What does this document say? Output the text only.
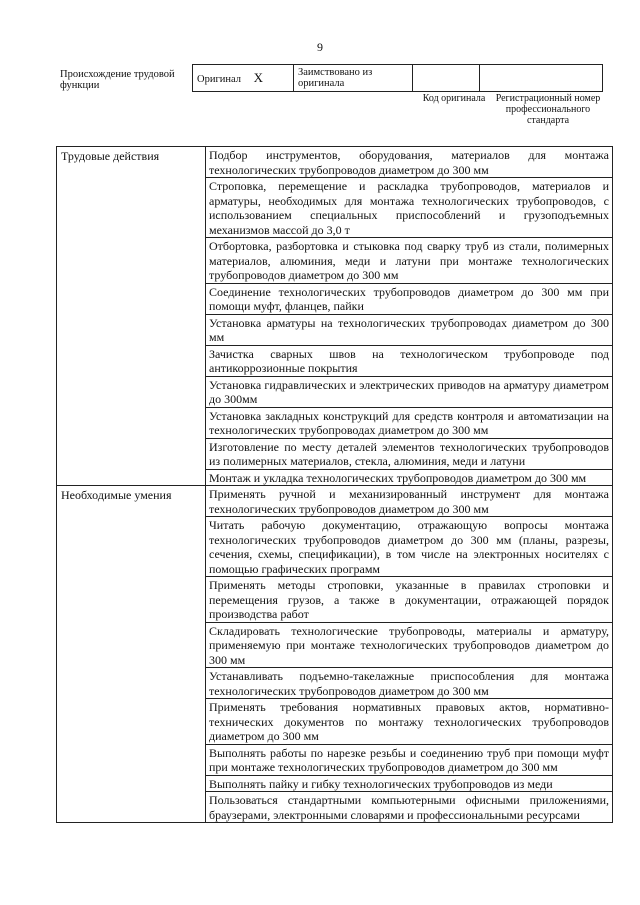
9
Происхождение трудовой функции
Оригинал X	Заимствовано из оригинала		
Код оригинала	Регистрационный номер профессионального стандарта
Трудовые действия	Подбор инструментов, оборудования, материалов для монтажа технологических трубопроводов диаметром до 300 мм
	Строповка, перемещение и раскладка трубопроводов, материалов и арматуры, необходимых для монтажа технологических трубопроводов, с использованием специальных приспособлений и грузоподъемных механизмов массой до 3,0 т
	Отбортовка, разбортовка и стыковка под сварку труб из стали, полимерных материалов, алюминия, меди и латуни при монтаже технологических трубопроводов диаметром до 300 мм
	Соединение технологических трубопроводов диаметром до 300 мм при помощи муфт, фланцев, пайки
	Установка арматуры на технологических трубопроводах диаметром до 300 мм
	Зачистка сварных швов на технологическом трубопроводе под антикоррозионные покрытия
	Установка гидравлических и электрических приводов на арматуру диаметром до 300мм
	Установка закладных конструкций для средств контроля и автоматизации на технологических трубопроводах диаметром до 300 мм
	Изготовление по месту деталей элементов технологических трубопроводов из полимерных материалов, стекла, алюминия, меди и латуни
	Монтаж и укладка технологических трубопроводов диаметром до 300 мм
Необходимые умения	Применять ручной и механизированный инструмент для монтажа технологических трубопроводов диаметром до 300 мм
	Читать рабочую документацию, отражающую вопросы монтажа технологических трубопроводов диаметром до 300 мм (планы, разрезы, сечения, схемы, спецификации), в том числе на электронных носителях с помощью графических программ
	Применять методы строповки, указанные в правилах строповки и перемещения грузов, а также в документации, отражающей порядок производства работ
	Складировать технологические трубопроводы, материалы и арматуру, применяемую при монтаже технологических трубопроводов диаметром до 300 мм
	Устанавливать подъемно-такелажные приспособления для монтажа технологических трубопроводов диаметром до 300 мм
	Применять требования нормативных правовых актов, нормативно-технических документов по монтажу технологических трубопроводов диаметром до 300 мм
	Выполнять работы по нарезке резьбы и соединению труб при помощи муфт при монтаже технологических трубопроводов диаметром до 300 мм
	Выполнять пайку и гибку технологических трубопроводов из меди
	Пользоваться стандартными компьютерными офисными приложениями, браузерами, электронными словарями и профессиональными ресурсами
